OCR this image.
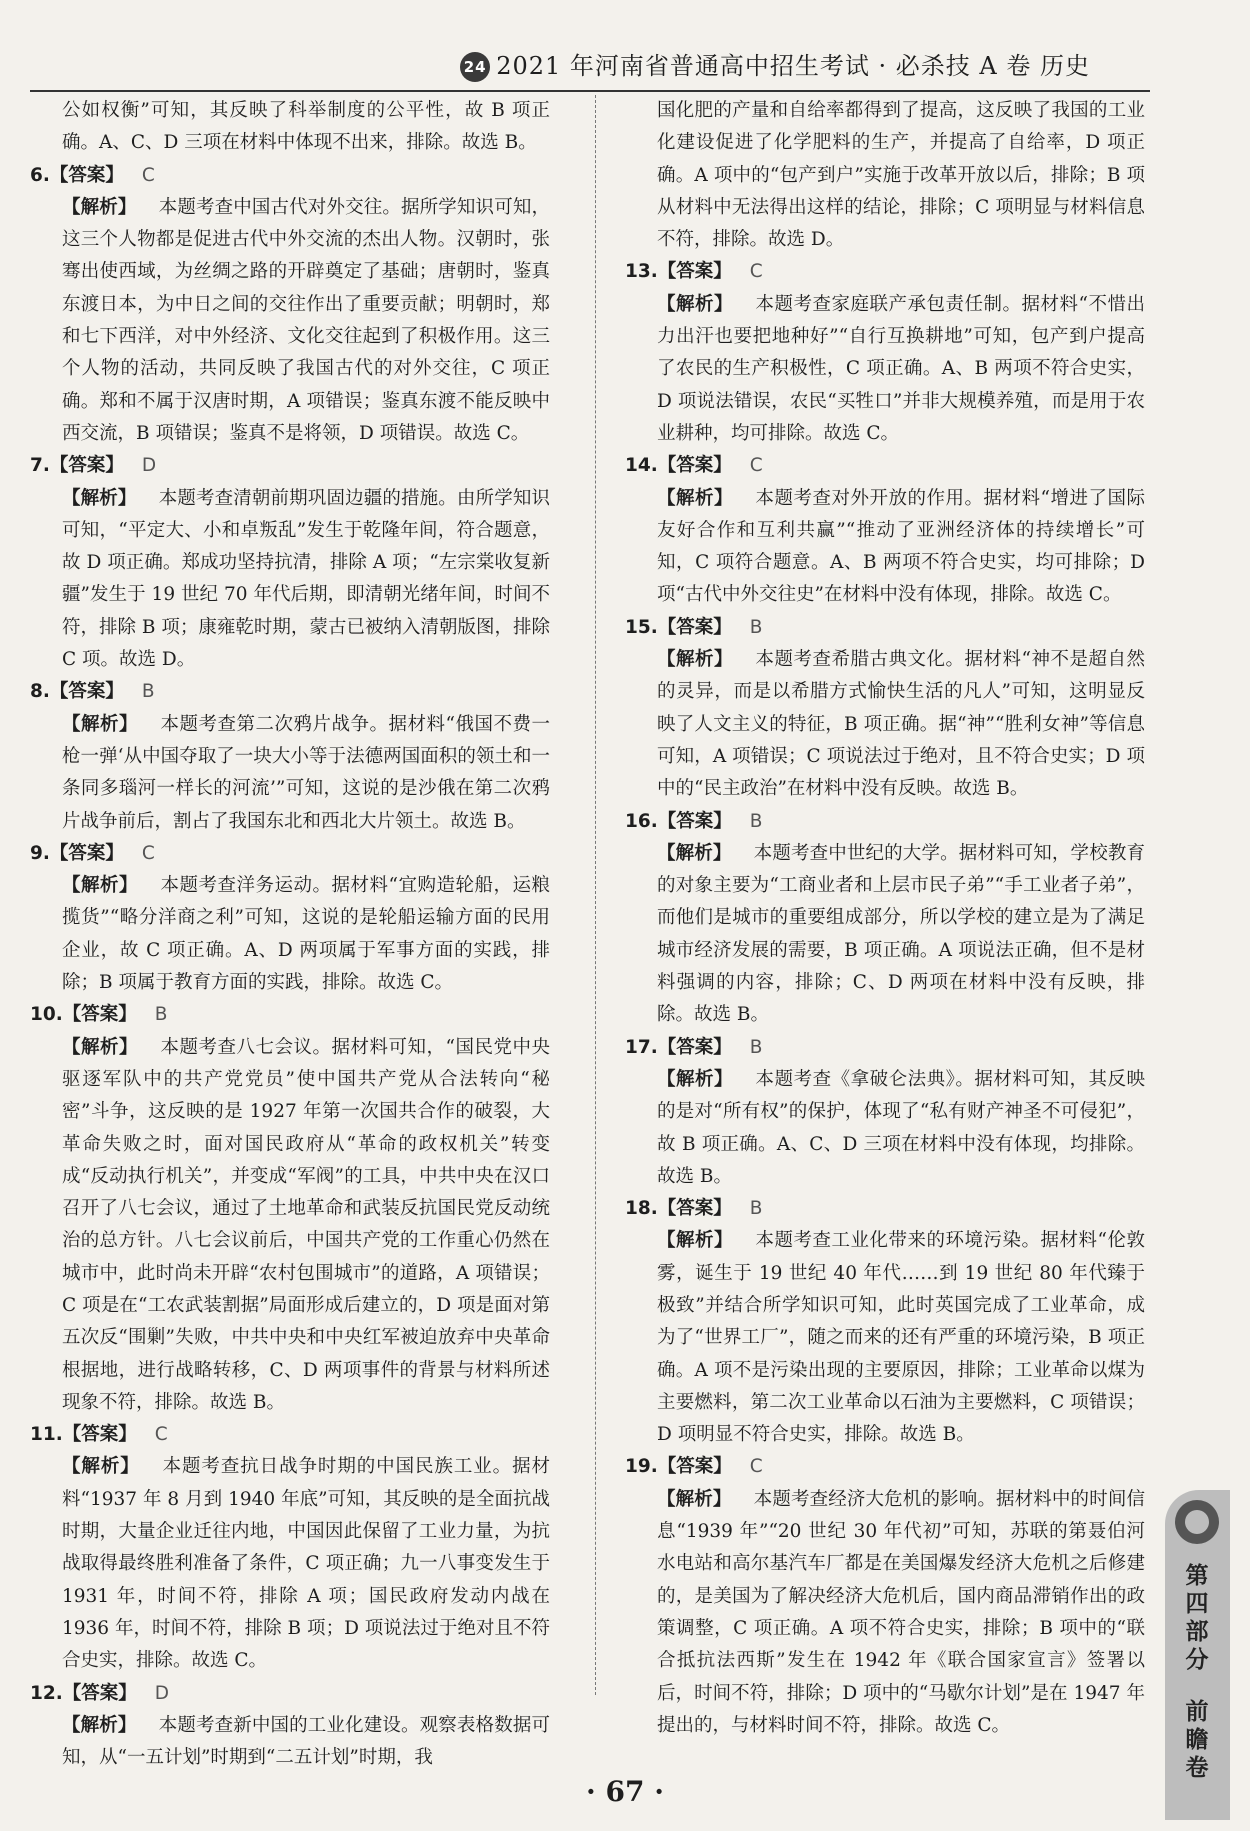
24 2021 年河南省普通高中招生考试 · 必杀技 A 卷 历史
公如权衡”可知，其反映了科举制度的公平性，故 B 项正确。A、C、D 三项在材料中体现不出来，排除。故选 B。
6.【答案】 C
【解析】 本题考查中国古代对外交往。据所学知识可知，这三个人物都是促进古代中外交流的杰出人物。汉朝时，张骞出使西域，为丝绸之路的开辟奠定了基础；唐朝时，鉴真东渡日本，为中日之间的交往作出了重要贡献；明朝时，郑和七下西洋，对中外经济、文化交往起到了积极作用。这三个人物的活动，共同反映了我国古代的对外交往，C 项正确。郑和不属于汉唐时期，A 项错误；鉴真东渡不能反映中西交流，B 项错误；鉴真不是将领，D 项错误。故选 C。
7.【答案】 D
【解析】 本题考查清朝前期巩固边疆的措施。由所学知识可知，“平定大、小和卓叛乱”发生于乾隆年间，符合题意，故 D 项正确。郑成功坚持抗清，排除 A 项；“左宗棠收复新疆”发生于 19 世纪 70 年代后期，即清朝光绪年间，时间不符，排除 B 项；康雍乾时期，蒙古已被纳入清朝版图，排除 C 项。故选 D。
8.【答案】 B
【解析】 本题考查第二次鸦片战争。据材料“俄国不费一枪一弹‘从中国夺取了一块大小等于法德两国面积的领土和一条同多瑙河一样长的河流’”可知，这说的是沙俄在第二次鸦片战争前后，割占了我国东北和西北大片领土。故选 B。
9.【答案】 C
【解析】 本题考查洋务运动。据材料“宜购造轮船，运粮揽货”“略分洋商之利”可知，这说的是轮船运输方面的民用企业，故 C 项正确。A、D 两项属于军事方面的实践，排除；B 项属于教育方面的实践，排除。故选 C。
10.【答案】 B
【解析】 本题考查八七会议。据材料可知，“国民党中央驱逐军队中的共产党党员”使中国共产党从合法转向“秘密”斗争，这反映的是 1927 年第一次国共合作的破裂，大革命失败之时，面对国民政府从“革命的政权机关”转变成“反动执行机关”，并变成“军阀”的工具，中共中央在汉口召开了八七会议，通过了土地革命和武装反抗国民党反动统治的总方针。八七会议前后，中国共产党的工作重心仍然在城市中，此时尚未开辟“农村包围城市”的道路，A 项错误；C 项是在“工农武装割据”局面形成后建立的，D 项是面对第五次反“围剿”失败，中共中央和中央红军被迫放弃中央革命根据地，进行战略转移，C、D 两项事件的背景与材料所述现象不符，排除。故选 B。
11.【答案】 C
【解析】 本题考查抗日战争时期的中国民族工业。据材料“1937 年 8 月到 1940 年底”可知，其反映的是全面抗战时期，大量企业迁往内地，中国因此保留了工业力量，为抗战取得最终胜利准备了条件，C 项正确；九一八事变发生于 1931 年，时间不符，排除 A 项；国民政府发动内战在 1936 年，时间不符，排除 B 项；D 项说法过于绝对且不符合史实，排除。故选 C。
12.【答案】 D
【解析】 本题考查新中国的工业化建设。观察表格数据可知，从“一五计划”时期到“二五计划”时期，我
国化肥的产量和自给率都得到了提高，这反映了我国的工业化建设促进了化学肥料的生产，并提高了自给率，D 项正确。A 项中的“包产到户”实施于改革开放以后，排除；B 项从材料中无法得出这样的结论，排除；C 项明显与材料信息不符，排除。故选 D。
13.【答案】 C
【解析】 本题考查家庭联产承包责任制。据材料“不惜出力出汗也要把地种好”“自行互换耕地”可知，包产到户提高了农民的生产积极性，C 项正确。A、B 两项不符合史实，D 项说法错误，农民“买牲口”并非大规模养殖，而是用于农业耕种，均可排除。故选 C。
14.【答案】 C
【解析】 本题考查对外开放的作用。据材料“增进了国际友好合作和互利共赢”“推动了亚洲经济体的持续增长”可知，C 项符合题意。A、B 两项不符合史实，均可排除；D 项“古代中外交往史”在材料中没有体现，排除。故选 C。
15.【答案】 B
【解析】 本题考查希腊古典文化。据材料“神不是超自然的灵异，而是以希腊方式愉快生活的凡人”可知，这明显反映了人文主义的特征，B 项正确。据“神”“胜利女神”等信息可知，A 项错误；C 项说法过于绝对，且不符合史实；D 项中的“民主政治”在材料中没有反映。故选 B。
16.【答案】 B
【解析】 本题考查中世纪的大学。据材料可知，学校教育的对象主要为“工商业者和上层市民子弟”“手工业者子弟”，而他们是城市的重要组成部分，所以学校的建立是为了满足城市经济发展的需要，B 项正确。A 项说法正确，但不是材料强调的内容，排除；C、D 两项在材料中没有反映，排除。故选 B。
17.【答案】 B
【解析】 本题考查《拿破仑法典》。据材料可知，其反映的是对“所有权”的保护，体现了“私有财产神圣不可侵犯”，故 B 项正确。A、C、D 三项在材料中没有体现，均排除。故选 B。
18.【答案】 B
【解析】 本题考查工业化带来的环境污染。据材料“伦敦雾，诞生于 19 世纪 40 年代……到 19 世纪 80 年代臻于极致”并结合所学知识可知，此时英国完成了工业革命，成为了“世界工厂”，随之而来的还有严重的环境污染，B 项正确。A 项不是污染出现的主要原因，排除；工业革命以煤为主要燃料，第二次工业革命以石油为主要燃料，C 项错误；D 项明显不符合史实，排除。故选 B。
19.【答案】 C
【解析】 本题考查经济大危机的影响。据材料中的时间信息“1939 年”“20 世纪 30 年代初”可知，苏联的第聂伯河水电站和高尔基汽车厂都是在美国爆发经济大危机之后修建的，是美国为了解决经济大危机后，国内商品滞销作出的政策调整，C 项正确。A 项不符合史实，排除；B 项中的“联合抵抗法西斯”发生在 1942 年《联合国家宣言》签署以后，时间不符，排除；D 项中的“马歇尔计划”是在 1947 年提出的，与材料时间不符，排除。故选 C。
第四部分
前瞻卷
· 67 ·
